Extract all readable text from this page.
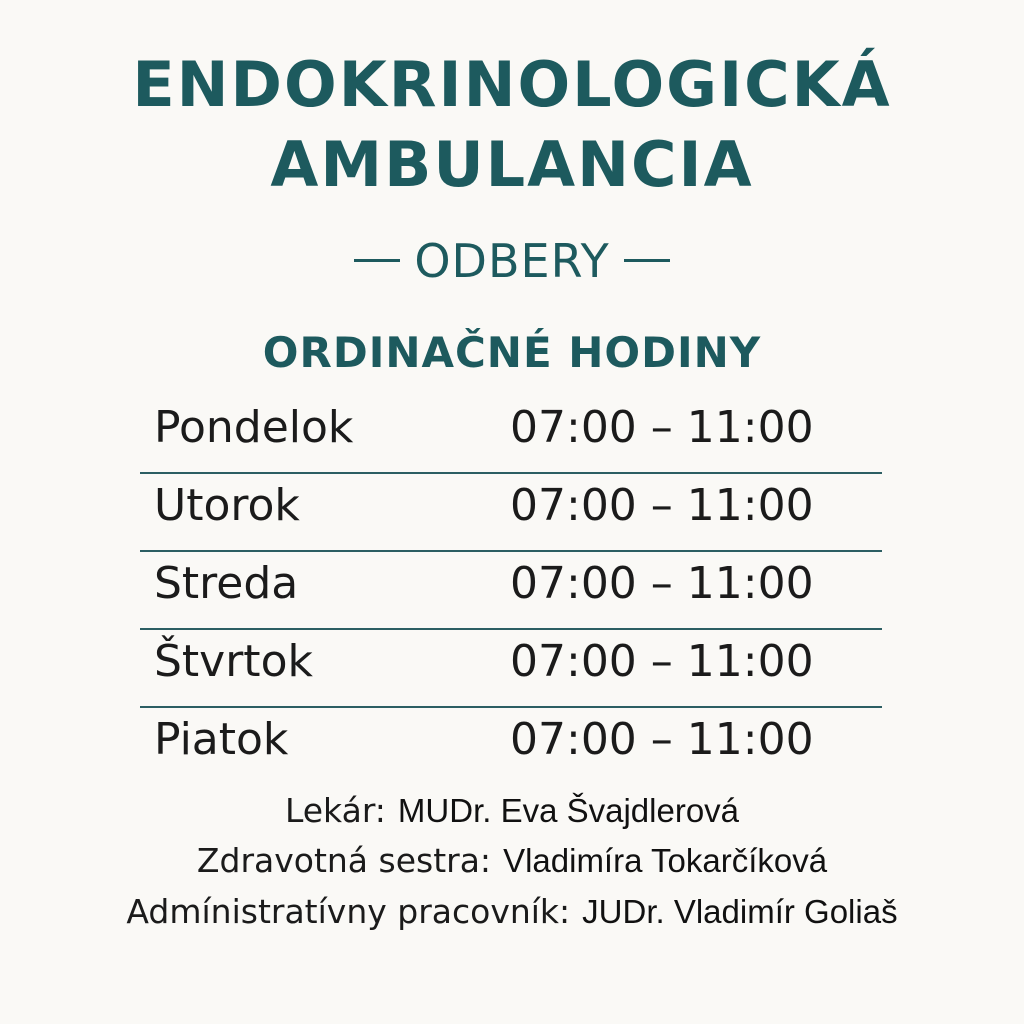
ENDOKRINOLOGICKÁ
AMBULANCIA
ODBERY
ORDINAČNÉ HODINY
Pondelok	07:00 – 11:00
Utorok	07:00 – 11:00
Streda	07:00 – 11:00
Štvrtok	07:00 – 11:00
Piatok	07:00 – 11:00
Lekár: MUDr. Eva Švajdlerová
Zdravotná sestra: Vladimíra Tokarčíková
Admínistratívny pracovník: JUDr. Vladimír Goliaš
